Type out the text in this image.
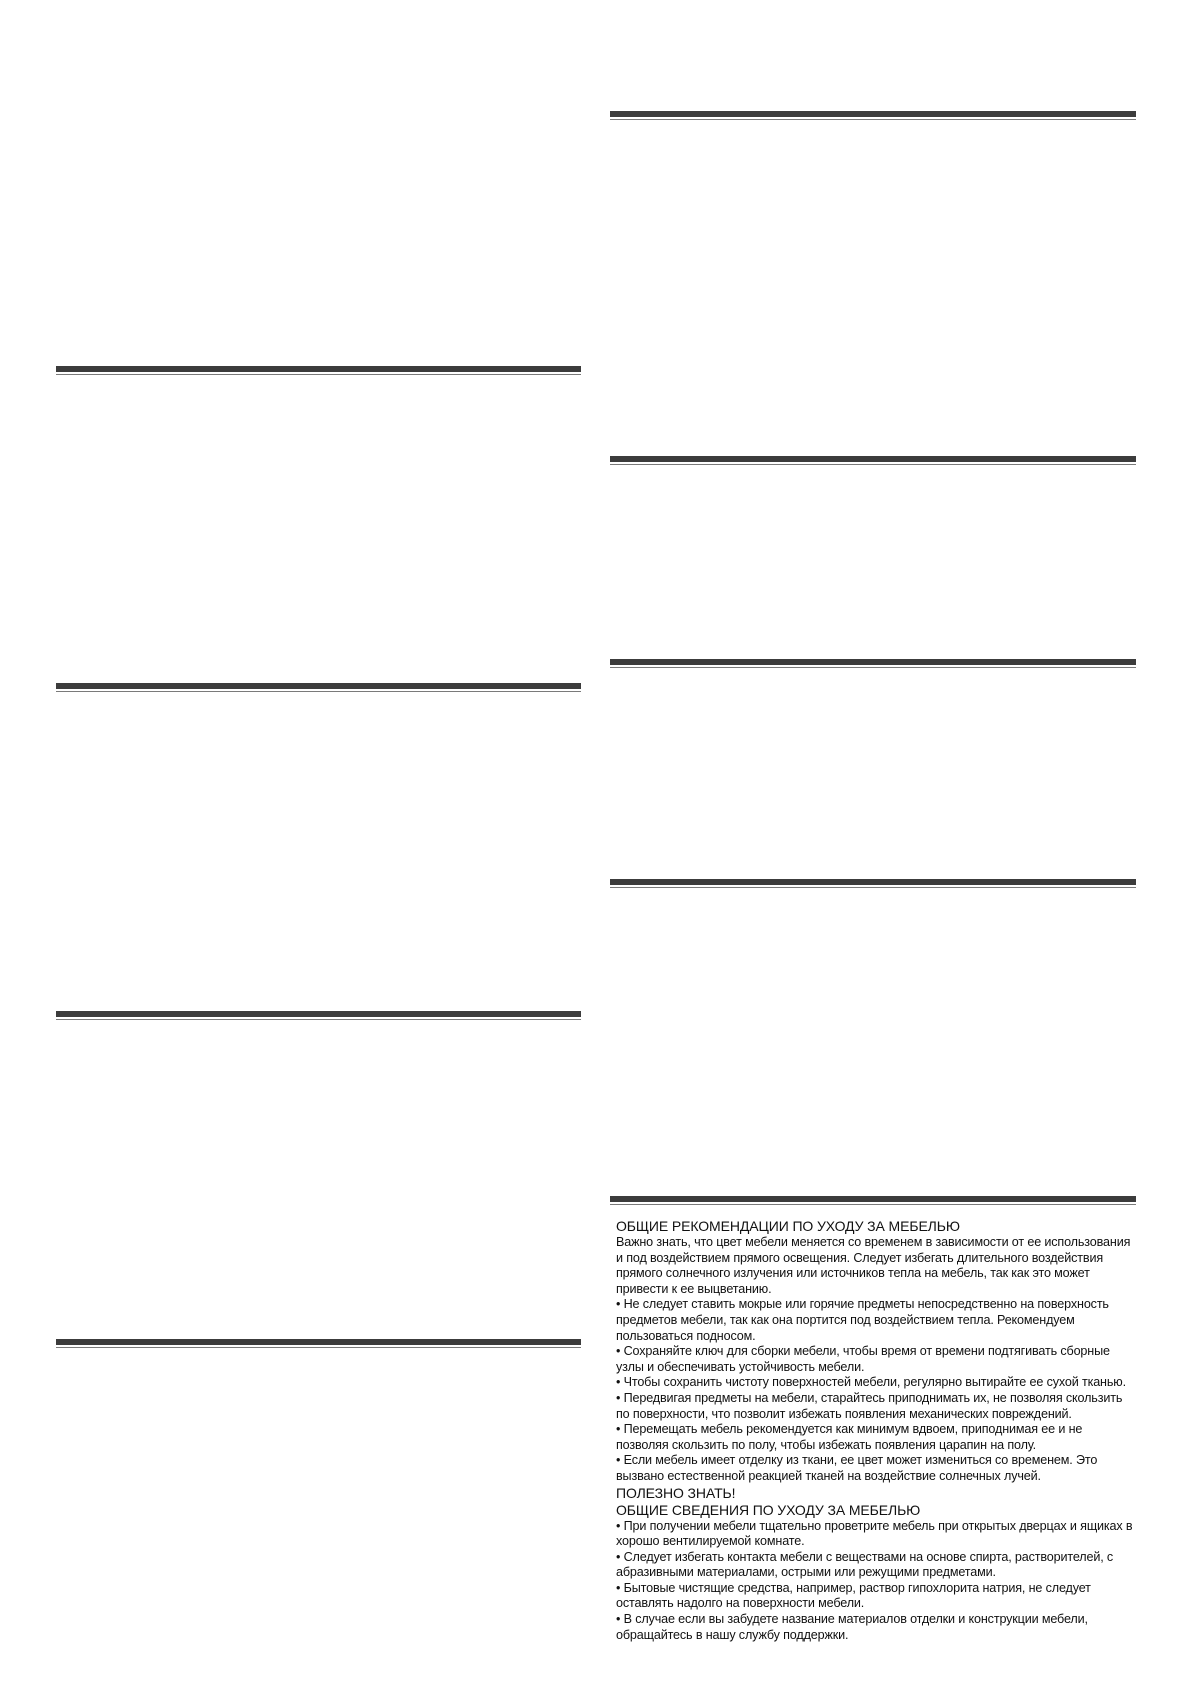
ОБЩИЕ РЕКОМЕНДАЦИИ ПО УХОДУ ЗА МЕБЕЛЬЮ

Важно знать, что цвет мебели меняется со временем в зависимости от ее использования и под воздействием прямого освещения. Следует избегать длительного воздействия прямого солнечного излучения или источников тепла на мебель, так как это может привести к ее выцветанию.

• Не следует ставить мокрые или горячие предметы непосредственно на поверхность предметов мебели, так как она портится под воздействием тепла. Рекомендуем пользоваться подносом.

• Сохраняйте ключ для сборки мебели, чтобы время от времени подтягивать сборные узлы и обеспечивать устойчивость мебели.

• Чтобы сохранить чистоту поверхностей мебели, регулярно вытирайте ее сухой тканью.

• Передвигая предметы на мебели, старайтесь приподнимать их, не позволяя скользить по поверхности, что позволит избежать появления механических повреждений.

• Перемещать мебель рекомендуется как минимум вдвоем, приподнимая ее и не позволяя скользить по полу, чтобы избежать появления царапин на полу.

• Если мебель имеет отделку из ткани, ее цвет может измениться со временем. Это вызвано естественной реакцией тканей на воздействие солнечных лучей.

ПОЛЕЗНО ЗНАТЬ!

ОБЩИЕ СВЕДЕНИЯ ПО УХОДУ ЗА МЕБЕЛЬЮ

• При получении мебели тщательно проветрите мебель при открытых дверцах и ящиках в хорошо вентилируемой комнате.

• Следует избегать контакта мебели с веществами на основе спирта, растворителей, с абразивными материалами, острыми или режущими предметами.

• Бытовые чистящие средства, например, раствор гипохлорита натрия, не следует оставлять надолго на поверхности мебели.

• В случае если вы забудете название материалов отделки и конструкции мебели, обращайтесь в нашу службу поддержки.
